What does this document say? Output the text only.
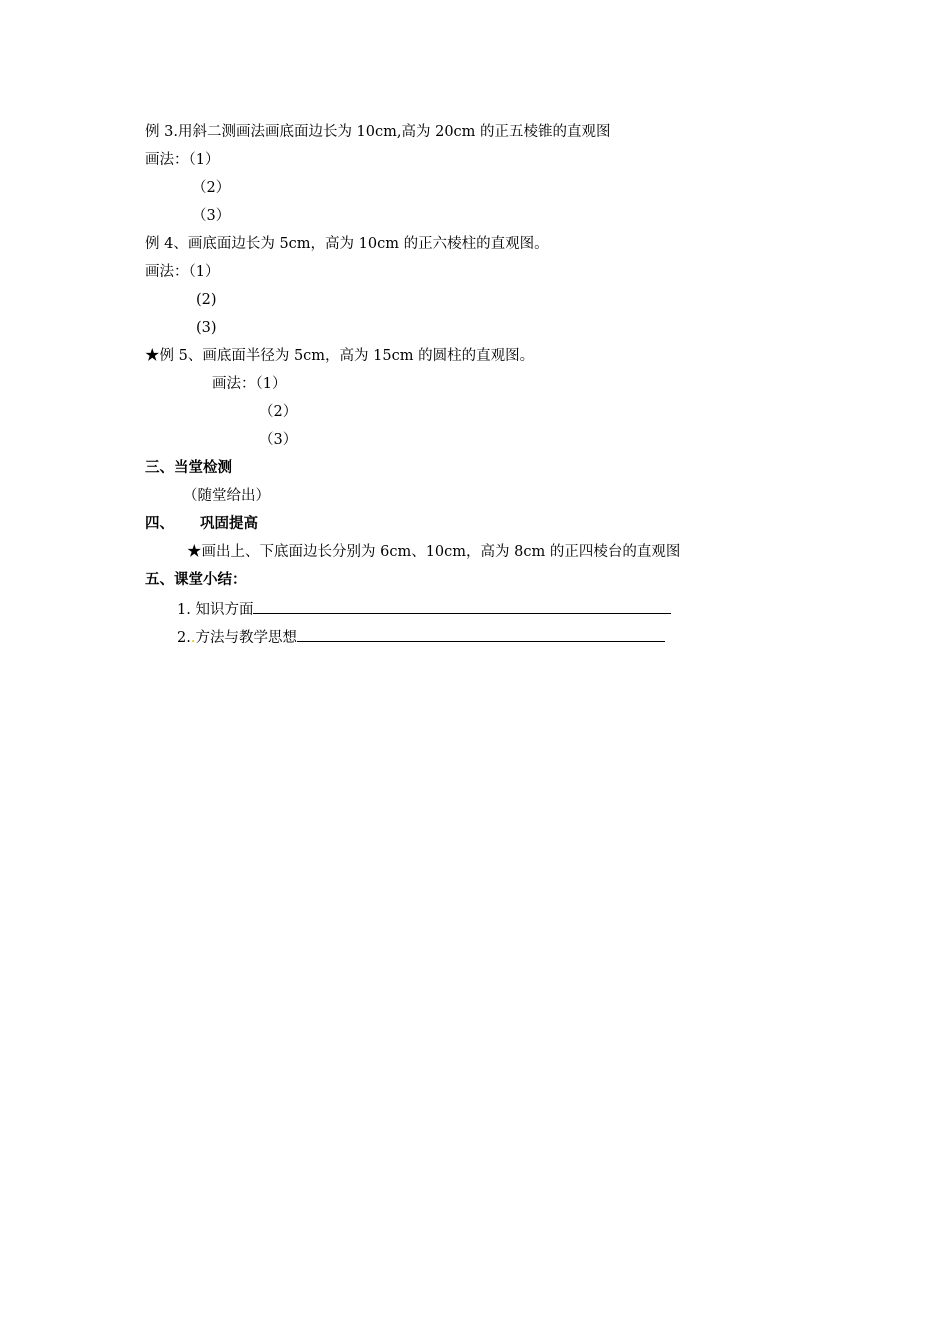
例 3.用斜二测画法画底面边长为 10cm,高为 20cm 的正五棱锥的直观图
画法：（1）
（2）
（3）
例 4、画底面边长为 5cm，高为 10cm 的正六棱柱的直观图。
画法：（1）
(2)
(3)
★例 5、画底面半径为 5cm，高为 15cm 的圆柱的直观图。
画法：（1）
（2）
（3）
三、当堂检测
（随堂给出）
四、 巩固提高
★画出上、下底面边长分别为 6cm、10cm，高为 8cm 的正四棱台的直观图
五、课堂小结：
1. 知识方面
2..方法与教学思想
